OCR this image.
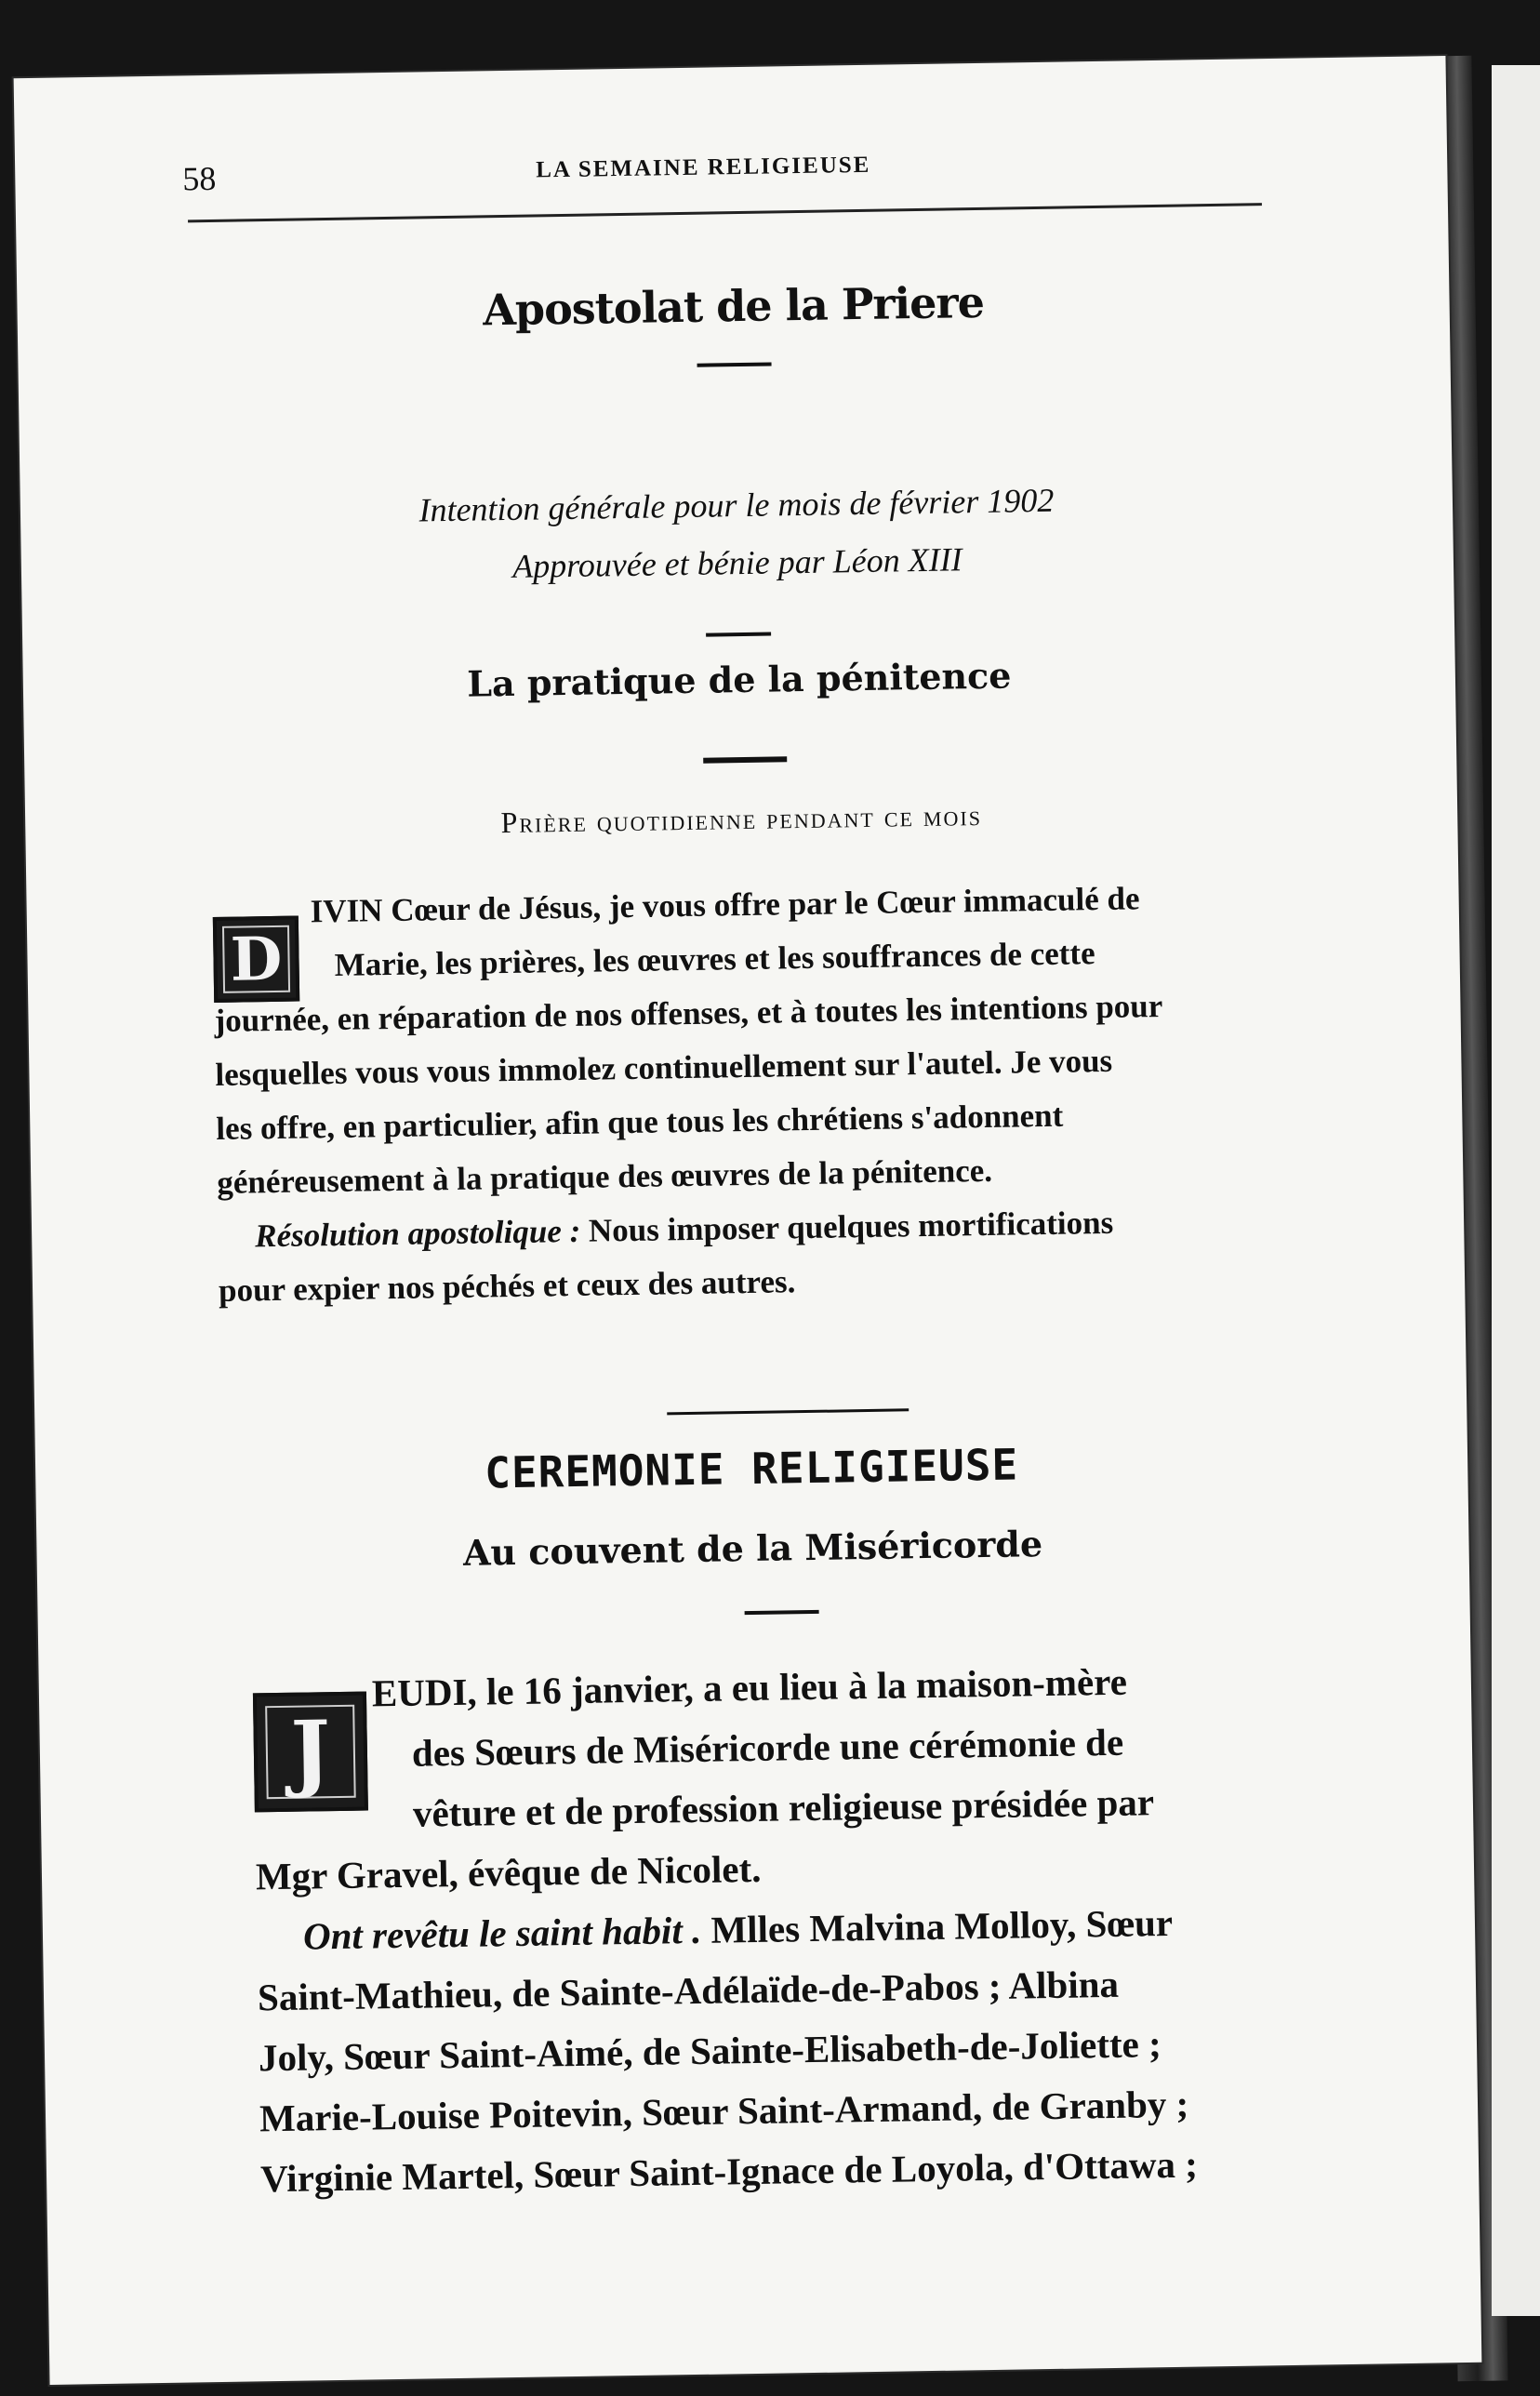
58	LA SEMAINE RELIGIEUSE
Apostolat de la Priere
Intention générale pour le mois de février 1902
Approuvée et bénie par Léon XIII
La pratique de la pénitence
Prière quotidienne pendant ce mois
D
IVIN Cœur de Jésus, je vous offre par le Cœur immaculé de
Marie, les prières, les œuvres et les souffrances de cette
journée, en réparation de nos offenses, et à toutes les intentions pour
lesquelles vous vous immolez continuellement sur l'autel. Je vous
les offre, en particulier, afin que tous les chrétiens s'adonnent
généreusement à la pratique des œuvres de la pénitence.
Résolution apostolique : Nous imposer quelques mortifications
pour expier nos péchés et ceux des autres.
CEREMONIE RELIGIEUSE
Au couvent de la Miséricorde
J
EUDI, le 16 janvier, a eu lieu à la maison-mère
des Sœurs de Miséricorde une cérémonie de
vêture et de profession religieuse présidée par
Mgr Gravel, évêque de Nicolet.
Ont revêtu le saint habit . Mlles Malvina Molloy, Sœur
Saint-Mathieu, de Sainte-Adélaïde-de-Pabos ; Albina
Joly, Sœur Saint-Aimé, de Sainte-Elisabeth-de-Joliette ;
Marie-Louise Poitevin, Sœur Saint-Armand, de Granby ;
Virginie Martel, Sœur Saint-Ignace de Loyola, d'Ottawa ;
